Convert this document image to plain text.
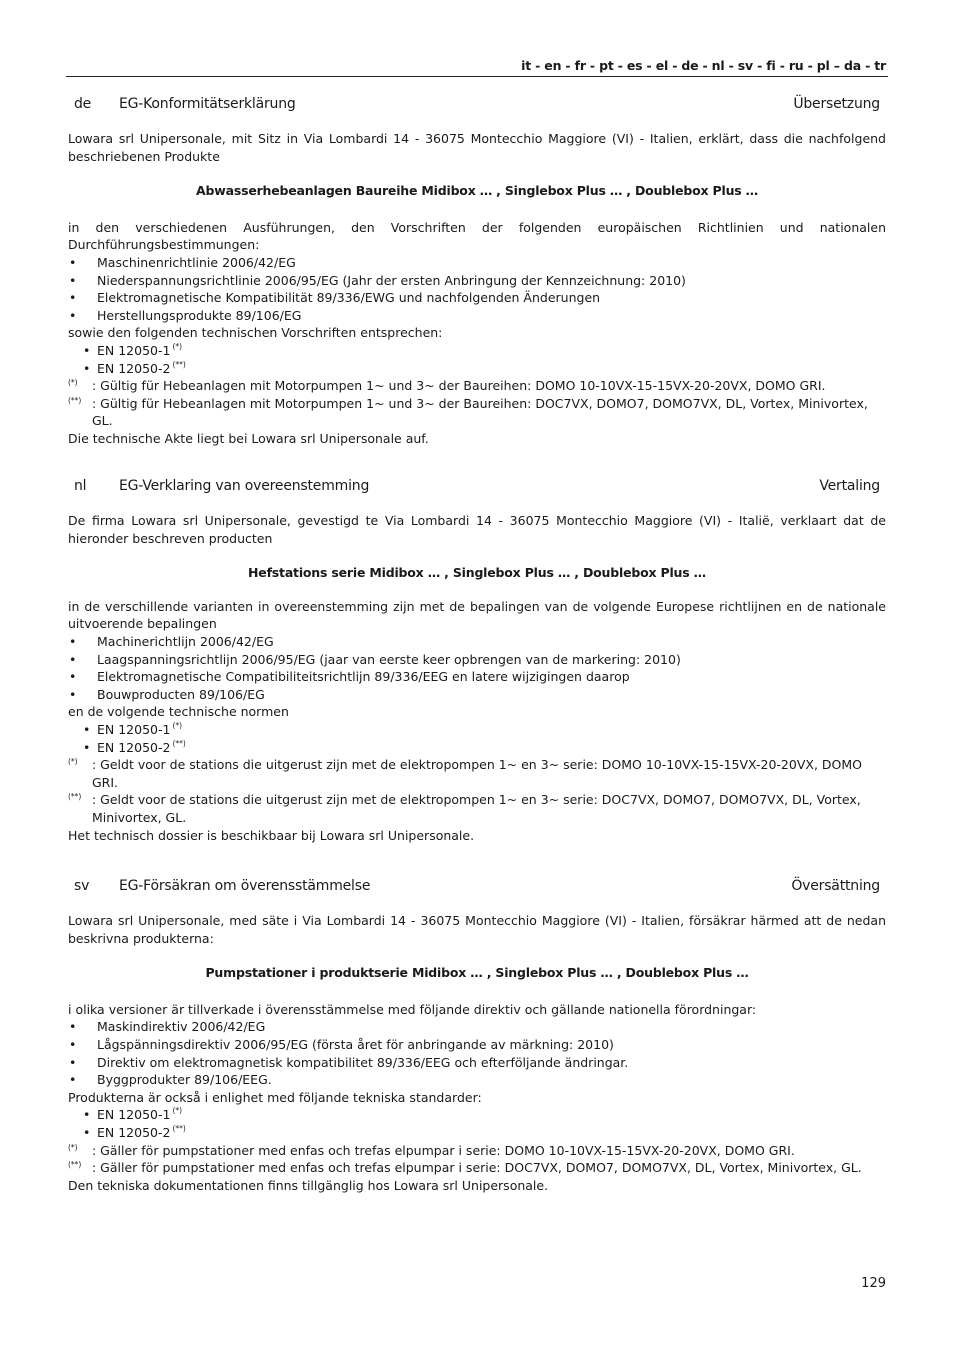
it - en - fr - pt - es - el - de - nl - sv - fi - ru - pl – da - tr
de EG-Konformitätserklärung	Übersetzung
Lowara srl Unipersonale, mit Sitz in Via Lombardi 14 - 36075 Montecchio Maggiore (VI) - Italien, erklärt, dass die nachfolgend beschriebenen Produkte
Abwasserhebeanlagen Baureihe Midibox … , Singlebox Plus … , Doublebox Plus …
in den verschiedenen Ausführungen, den Vorschriften der folgenden europäischen Richtlinien und nationalen Durchführungsbestimmungen:
• Maschinenrichtlinie 2006/42/EG
• Niederspannungsrichtlinie 2006/95/EG (Jahr der ersten Anbringung der Kennzeichnung: 2010)
• Elektromagnetische Kompatibilität 89/336/EWG und nachfolgenden Änderungen
• Herstellungsprodukte 89/106/EG
sowie den folgenden technischen Vorschriften entsprechen:
• EN 12050-1 (*)
• EN 12050-2 (**)
(*) : Gültig für Hebeanlagen mit Motorpumpen 1~ und 3~ der Baureihen: DOMO 10-10VX-15-15VX-20-20VX, DOMO GRI.
(**) : Gültig für Hebeanlagen mit Motorpumpen 1~ und 3~ der Baureihen: DOC7VX, DOMO7, DOMO7VX, DL, Vortex, Minivortex, GL.
Die technische Akte liegt bei Lowara srl Unipersonale auf.
nl EG-Verklaring van overeenstemming	Vertaling
De firma Lowara srl Unipersonale, gevestigd te Via Lombardi 14 - 36075 Montecchio Maggiore (VI) - Italië, verklaart dat de hieronder beschreven producten
Hefstations serie Midibox … , Singlebox Plus … , Doublebox Plus …
in de verschillende varianten in overeenstemming zijn met de bepalingen van de volgende Europese richtlijnen en de nationale uitvoerende bepalingen
• Machinerichtlijn 2006/42/EG
• Laagspanningsrichtlijn 2006/95/EG (jaar van eerste keer opbrengen van de markering: 2010)
• Elektromagnetische Compatibiliteitsrichtlijn 89/336/EEG en latere wijzigingen daarop
• Bouwproducten 89/106/EG
en de volgende technische normen
• EN 12050-1 (*)
• EN 12050-2 (**)
(*) : Geldt voor de stations die uitgerust zijn met de elektropompen 1~ en 3~ serie: DOMO 10-10VX-15-15VX-20-20VX, DOMO GRI.
(**) : Geldt voor de stations die uitgerust zijn met de elektropompen 1~ en 3~ serie: DOC7VX, DOMO7, DOMO7VX, DL, Vortex, Minivortex, GL.
Het technisch dossier is beschikbaar bij Lowara srl Unipersonale.
sv EG-Försäkran om överensstämmelse	Översättning
Lowara srl Unipersonale, med säte i Via Lombardi 14 - 36075 Montecchio Maggiore (VI) - Italien, försäkrar härmed att de nedan beskrivna produkterna:
Pumpstationer i produktserie Midibox … , Singlebox Plus … , Doublebox Plus …
i olika versioner är tillverkade i överensstämmelse med följande direktiv och gällande nationella förordningar:
• Maskindirektiv 2006/42/EG
• Lågspänningsdirektiv 2006/95/EG (första året för anbringande av märkning: 2010)
• Direktiv om elektromagnetisk kompatibilitet 89/336/EEG och efterföljande ändringar.
• Byggprodukter 89/106/EEG.
Produkterna är också i enlighet med följande tekniska standarder:
• EN 12050-1 (*)
• EN 12050-2 (**)
(*) : Gäller för pumpstationer med enfas och trefas elpumpar i serie: DOMO 10-10VX-15-15VX-20-20VX, DOMO GRI.
(**) : Gäller för pumpstationer med enfas och trefas elpumpar i serie: DOC7VX, DOMO7, DOMO7VX, DL, Vortex, Minivortex, GL.
Den tekniska dokumentationen finns tillgänglig hos Lowara srl Unipersonale.
129
